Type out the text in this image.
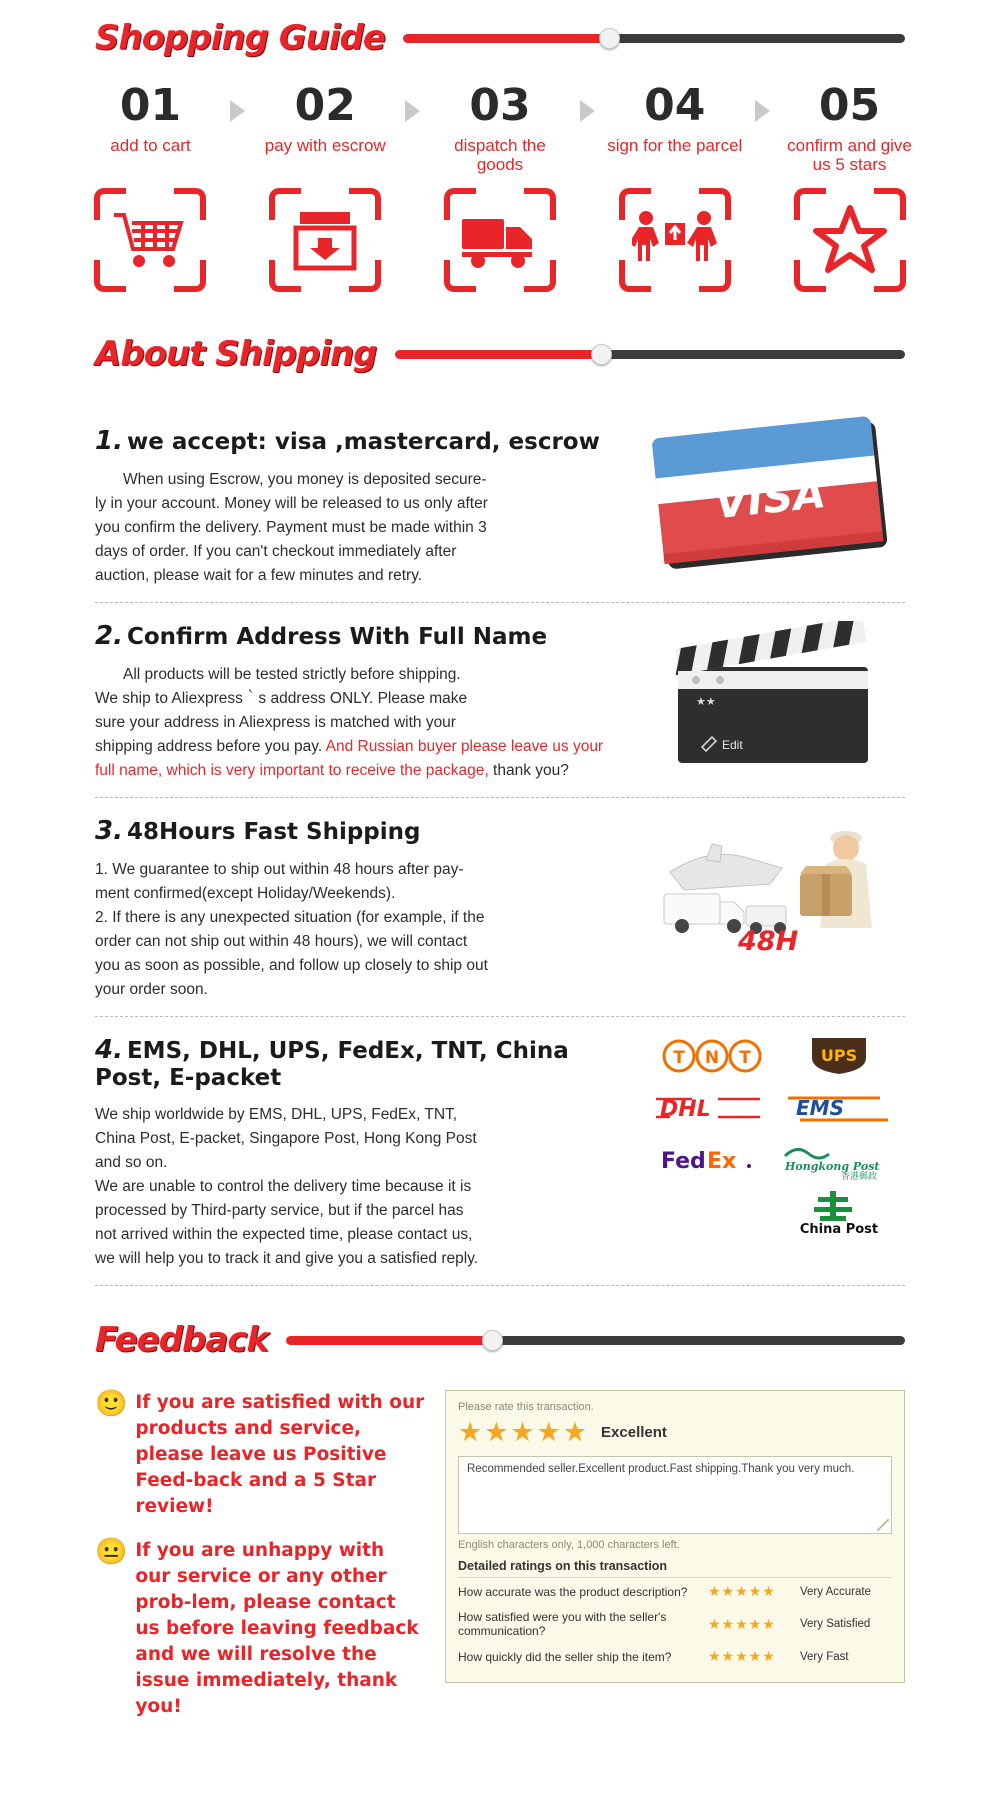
Shopping Guide
01
add to cart
02
pay with escrow
03
dispatch the goods
04
sign for the parcel
05
confirm and give us 5 stars
About Shipping
1. we accept: visa ,mastercard, escrow
When using Escrow, you money is deposited secure-
ly in your account. Money will be released to us only after
you confirm the delivery. Payment must be made within 3
days of order. If you can't checkout immediately after
auction, please wait for a few minutes and retry.
VISA
2. Confirm Address With Full Name
All products will be tested strictly before shipping.
We ship to Aliexpress｀s address ONLY. Please make
sure your address in Aliexpress is matched with your
shipping address before you pay. And Russian buyer please leave us your full name, which is very important to receive the package, thank you?
★★
Edit
3. 48Hours Fast Shipping
1. We guarantee to ship out within 48 hours after pay-
ment confirmed(except Holiday/Weekends).
2. If there is any unexpected situation (for example, if the
order can not ship out within 48 hours), we will contact
you as soon as possible, and follow up closely to ship out
your order soon.
48H
4. EMS, DHL, UPS, FedEx, TNT, China Post, E-packet
We ship worldwide by EMS, DHL, UPS, FedEx, TNT,
China Post, E-packet, Singapore Post, Hong Kong Post
and so on.
We are unable to control the delivery time because it is
processed by Third-party service, but if the parcel has
not arrived within the expected time, please contact us,
we will help you to track it and give you a satisfied reply.
T N T	UPS
DHL	EMS
Fed Ex	Hongkong Post
香港郵政
China Post
Feedback
🙂 If you are satisfied with our products and service, please leave us Positive Feed-back and a 5 Star review!
😐 If you are unhappy with our service or any other prob-lem, please contact us before leaving feedback and we will resolve the issue immediately, thank you!
Please rate this transaction.
★★★★★ Excellent
Recommended seller.Excellent product.Fast shipping.Thank you very much.
English characters only, 1,000 characters left.
Detailed ratings on this transaction
How accurate was the product description?	★★★★★	Very Accurate
How satisfied were you with the seller's communication?	★★★★★	Very Satisfied
How quickly did the seller ship the item?	★★★★★	Very Fast
